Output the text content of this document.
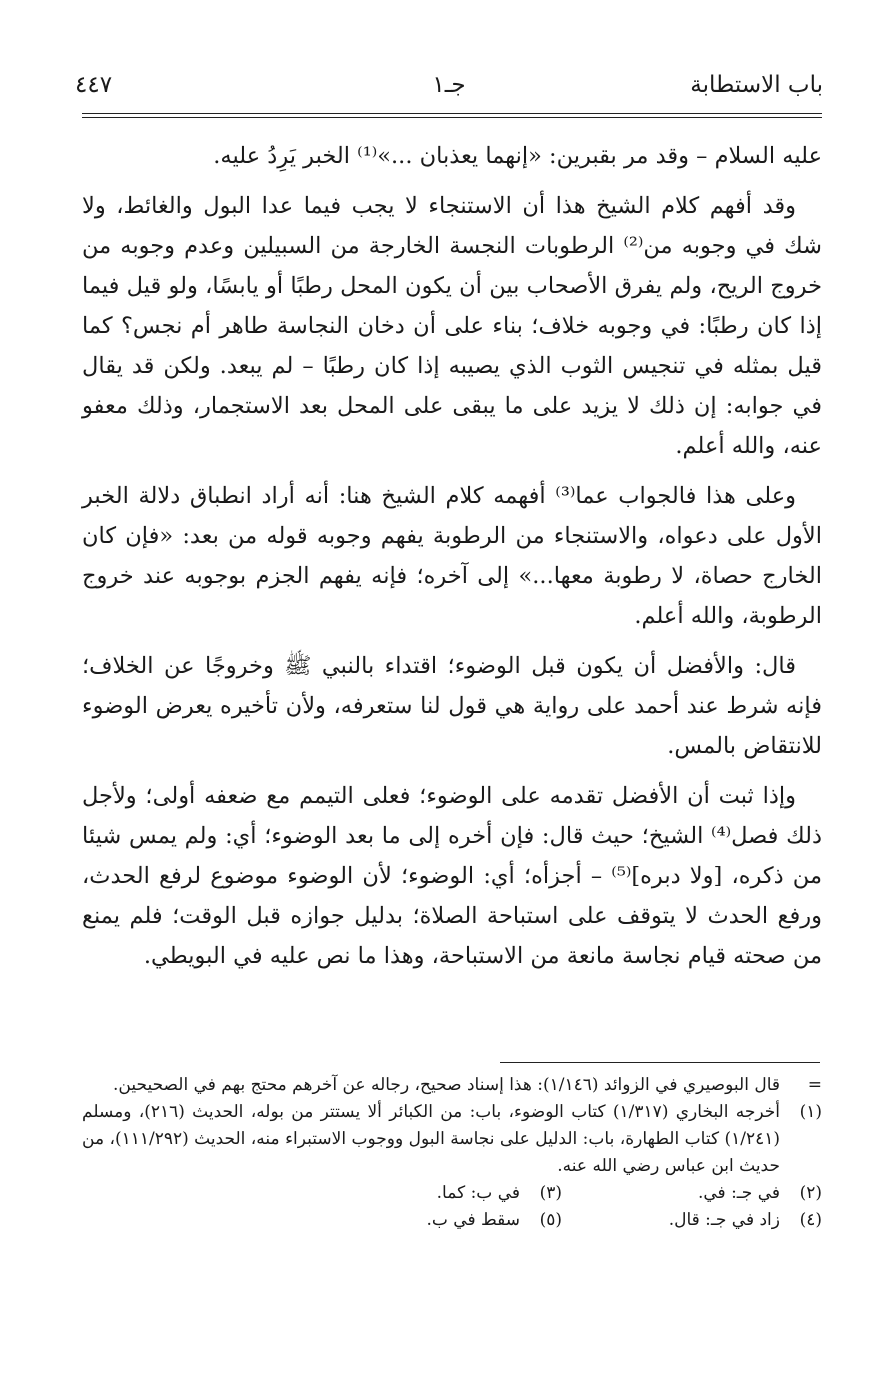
باب الاستطابة
جـ١
٤٤٧

عليه السلام – وقد مر بقبرين: «إنهما يعذبان ...»⁽¹⁾ الخبر يَرِدُ عليه.

وقد أفهم كلام الشيخ هذا أن الاستنجاء لا يجب فيما عدا البول والغائط، ولا شك في وجوبه من⁽²⁾ الرطوبات النجسة الخارجة من السبيلين وعدم وجوبه من خروج الريح، ولم يفرق الأصحاب بين أن يكون المحل رطبًا أو يابسًا، ولو قيل فيما إذا كان رطبًا: في وجوبه خلاف؛ بناء على أن دخان النجاسة طاهر أم نجس؟ كما قيل بمثله في تنجيس الثوب الذي يصيبه إذا كان رطبًا – لم يبعد. ولكن قد يقال في جوابه: إن ذلك لا يزيد على ما يبقى على المحل بعد الاستجمار، وذلك معفو عنه، والله أعلم.

وعلى هذا فالجواب عما⁽³⁾ أفهمه كلام الشيخ هنا: أنه أراد انطباق دلالة الخبر الأول على دعواه، والاستنجاء من الرطوبة يفهم وجوبه قوله من بعد: «فإن كان الخارج حصاة، لا رطوبة معها...» إلى آخره؛ فإنه يفهم الجزم بوجوبه عند خروج الرطوبة، والله أعلم.

قال: والأفضل أن يكون قبل الوضوء؛ اقتداء بالنبي ﷺ وخروجًا عن الخلاف؛ فإنه شرط عند أحمد على رواية هي قول لنا ستعرفه، ولأن تأخيره يعرض الوضوء للانتقاض بالمس.

وإذا ثبت أن الأفضل تقدمه على الوضوء؛ فعلى التيمم مع ضعفه أولى؛ ولأجل ذلك فصل⁽⁴⁾ الشيخ؛ حيث قال: فإن أخره إلى ما بعد الوضوء؛ أي: ولم يمس شيئا من ذكره، [ولا دبره]⁽⁵⁾ – أجزأه؛ أي: الوضوء؛ لأن الوضوء موضوع لرفع الحدث، ورفع الحدث لا يتوقف على استباحة الصلاة؛ بدليل جوازه قبل الوقت؛ فلم يمنع من صحته قيام نجاسة مانعة من الاستباحة، وهذا ما نص عليه في البويطي.

=
قال البوصيري في الزوائد (١/١٤٦): هذا إسناد صحيح، رجاله عن آخرهم محتج بهم في الصحيحين.
(١)
أخرجه البخاري (١/٣١٧) كتاب الوضوء، باب: من الكبائر ألا يستتر من بوله، الحديث (٢١٦)، ومسلم (١/٢٤١) كتاب الطهارة، باب: الدليل على نجاسة البول ووجوب الاستبراء منه، الحديث (١١١/٢٩٢)، من حديث ابن عباس رضي الله عنه.
(٢)
في جـ: في.
(٣)
في ب: كما.
(٤)
زاد في جـ: قال.
(٥)
سقط في ب.
